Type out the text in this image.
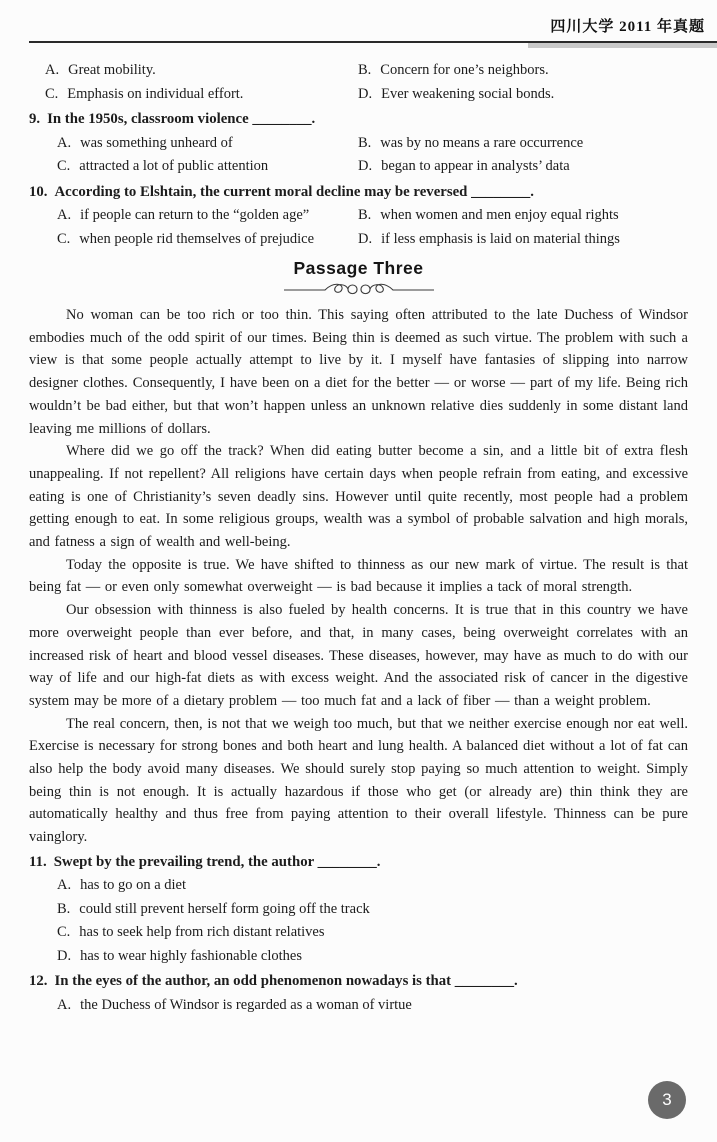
四川大学 2011 年真题
A. Great mobility.	B. Concern for one’s neighbors.
C. Emphasis on individual effort.	D. Ever weakening social bonds.

9. In the 1950s, classroom violence ________.

A. was something unheard of	B. was by no means a rare occurrence
C. attracted a lot of public attention	D. began to appear in analysts’ data

10. According to Elshtain, the current moral decline may be reversed ________.

A. if people can return to the “golden age”	B. when women and men enjoy equal rights
C. when people rid themselves of prejudice	D. if less emphasis is laid on material things
Passage Three

No woman can be too rich or too thin. This saying often attributed to the late Duchess of Windsor embodies much of the odd spirit of our times. Being thin is deemed as such virtue. The problem with such a view is that some people actually attempt to live by it. I myself have fantasies of slipping into narrow designer clothes. Consequently, I have been on a diet for the better — or worse — part of my life. Being rich wouldn’t be bad either, but that won’t happen unless an unknown relative dies suddenly in some distant land leaving me millions of dollars.

Where did we go off the track? When did eating butter become a sin, and a little bit of extra flesh unappealing. If not repellent? All religions have certain days when people refrain from eating, and excessive eating is one of Christianity’s seven deadly sins. However until quite recently, most people had a problem getting enough to eat. In some religious groups, wealth was a symbol of probable salvation and high morals, and fatness a sign of wealth and well-being.

Today the opposite is true. We have shifted to thinness as our new mark of virtue. The result is that being fat — or even only somewhat overweight — is bad because it implies a tack of moral strength.

Our obsession with thinness is also fueled by health concerns. It is true that in this country we have more overweight people than ever before, and that, in many cases, being overweight correlates with an increased risk of heart and blood vessel diseases. These diseases, however, may have as much to do with our way of life and our high-fat diets as with excess weight. And the associated risk of cancer in the digestive system may be more of a dietary problem — too much fat and a lack of fiber — than a weight problem.

The real concern, then, is not that we weigh too much, but that we neither exercise enough nor eat well. Exercise is necessary for strong bones and both heart and lung health. A balanced diet without a lot of fat can also help the body avoid many diseases. We should surely stop paying so much attention to weight. Simply being thin is not enough. It is actually hazardous if those who get (or already are) thin think they are automatically healthy and thus free from paying attention to their overall lifestyle. Thinness can be pure vainglory.

11. Swept by the prevailing trend, the author ________.

A. has to go on a diet
B. could still prevent herself form going off the track
C. has to seek help from rich distant relatives
D. has to wear highly fashionable clothes

12. In the eyes of the author, an odd phenomenon nowadays is that ________.

A. the Duchess of Windsor is regarded as a woman of virtue
3
